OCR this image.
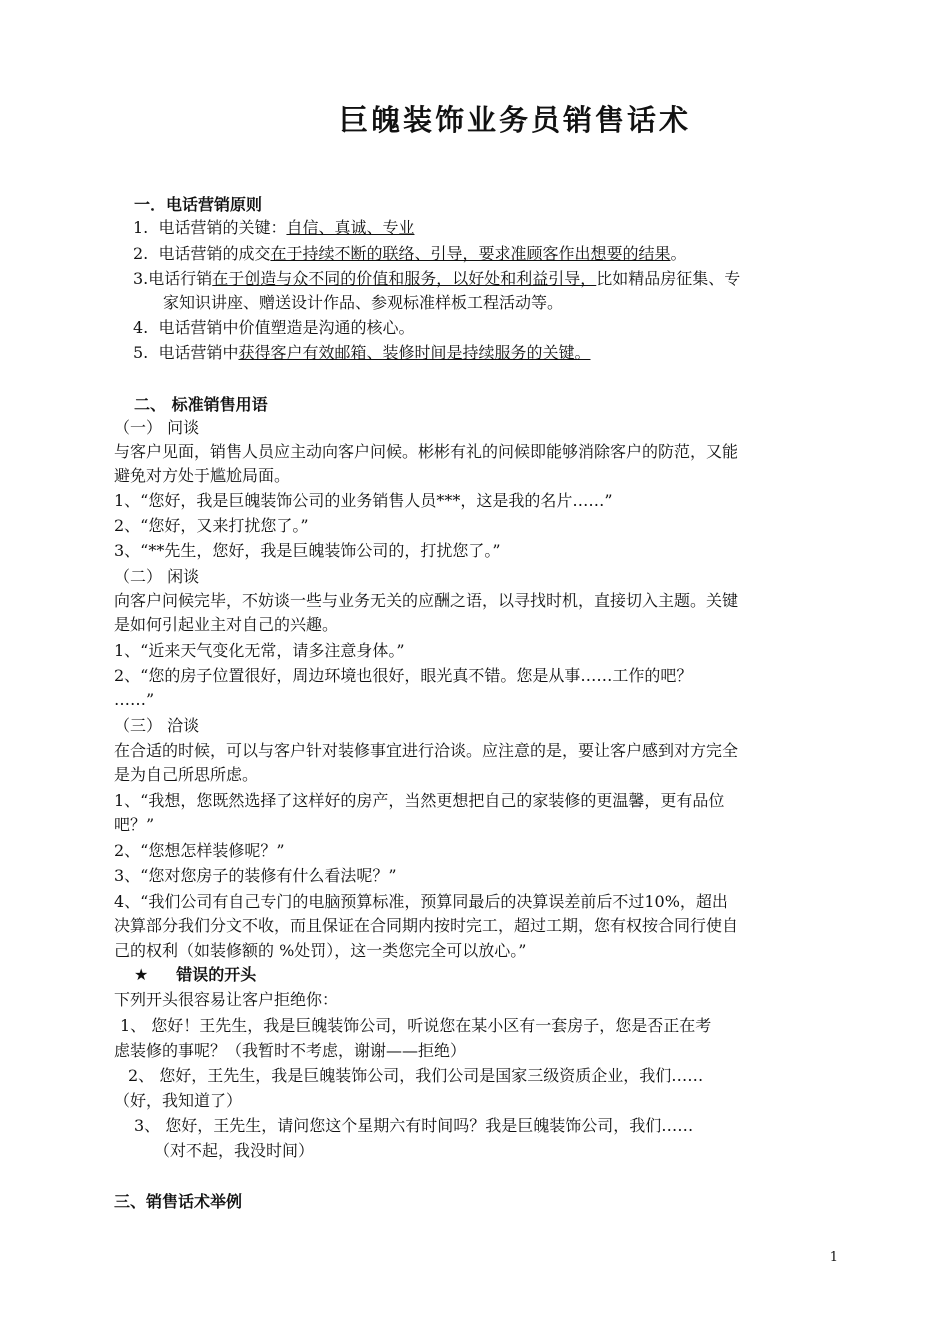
巨魄装饰业务员销售话术
一．电话营销原则
1. 电话营销的关键：自信、真诚、专业
2. 电话营销的成交在于持续不断的联络、引导，要求准顾客作出想要的结果。
3.电话行销在于创造与众不同的价值和服务，以好处和利益引导，比如精品房征集、专
家知识讲座、赠送设计作品、参观标准样板工程活动等。
4. 电话营销中价值塑造是沟通的核心。
5. 电话营销中获得客户有效邮箱、装修时间是持续服务的关键。
二、 标准销售用语
（一） 问谈
与客户见面，销售人员应主动向客户问候。彬彬有礼的问候即能够消除客户的防范，又能
避免对方处于尴尬局面。
1、“您好，我是巨魄装饰公司的业务销售人员***，这是我的名片……”
2、“您好，又来打扰您了。”
3、“**先生，您好，我是巨魄装饰公司的，打扰您了。”
（二） 闲谈
向客户问候完毕，不妨谈一些与业务无关的应酬之语，以寻找时机，直接切入主题。关键
是如何引起业主对自己的兴趣。
1、“近来天气变化无常，请多注意身体。”
2、“您的房子位置很好，周边环境也很好，眼光真不错。您是从事……工作的吧？
……”
（三） 洽谈
在合适的时候，可以与客户针对装修事宜进行洽谈。应注意的是，要让客户感到对方完全
是为自己所思所虑。
1、“我想，您既然选择了这样好的房产，当然更想把自己的家装修的更温馨，更有品位
吧？”
2、“您想怎样装修呢？”
3、“您对您房子的装修有什么看法呢？”
4、“我们公司有自己专门的电脑预算标准，预算同最后的决算误差前后不过10%，超出
决算部分我们分文不收，而且保证在合同期内按时完工，超过工期，您有权按合同行使自
己的权利（如装修额的 %处罚），这一类您完全可以放心。”
★ 错误的开头
下列开头很容易让客户拒绝你：
1、 您好！王先生，我是巨魄装饰公司，听说您在某小区有一套房子，您是否正在考
虑装修的事呢？（我暂时不考虑，谢谢——拒绝）
2、 您好，王先生，我是巨魄装饰公司，我们公司是国家三级资质企业，我们……
（好，我知道了）
3、 您好，王先生，请问您这个星期六有时间吗？我是巨魄装饰公司，我们……
（对不起，我没时间）
三、销售话术举例
1
